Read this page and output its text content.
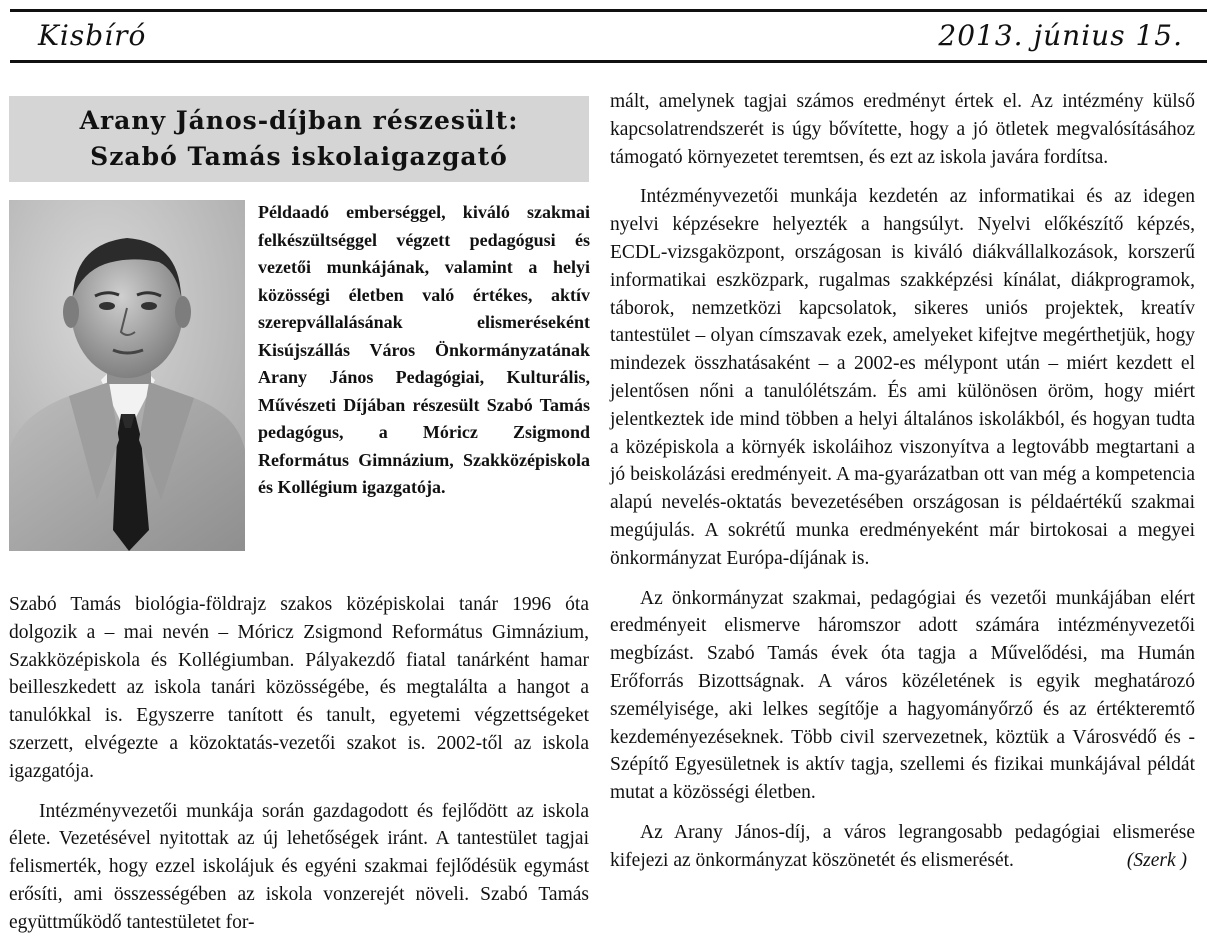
Kisbíró	2013. június 15.
Arany János-díjban részesült:
Szabó Tamás iskolaigazgató
Példaadó emberséggel, kiváló szakmai felkészültséggel végzett pedagógusi és vezetői munkájának, valamint a helyi közösségi életben való értékes, aktív szerepvállalásának elismeréseként Kisújszállás Város Önkormányzatának Arany János Pedagógiai, Kulturális, Művészeti Díjában részesült Szabó Tamás pedagógus, a Móricz Zsigmond Református Gimnázium, Szakközépiskola és Kollégium igazgatója.

Szabó Tamás biológia-földrajz szakos középiskolai tanár 1996 óta dolgozik a – mai nevén – Móricz Zsigmond Református Gimnázium, Szakközépiskola és Kollégiumban. Pályakezdő fiatal tanárként hamar beilleszkedett az iskola tanári közösségébe, és megtalálta a hangot a tanulókkal is. Egyszerre tanított és tanult, egyetemi végzettségeket szerzett, elvégezte a közoktatás-vezetői szakot is. 2002-től az iskola igazgatója.

Intézményvezetői munkája során gazdagodott és fejlődött az iskola élete. Vezetésével nyitottak az új lehetőségek iránt. A tantestület tagjai felismerték, hogy ezzel iskolájuk és egyéni szakmai fejlődésük egymást erősíti, ami összességében az iskola vonzerejét növeli. Szabó Tamás együttműködő tantestületet for-

mált, amelynek tagjai számos eredményt értek el. Az intézmény külső kapcsolatrendszerét is úgy bővítette, hogy a jó ötletek megvalósításához támogató környezetet teremtsen, és ezt az iskola javára fordítsa.

Intézményvezetői munkája kezdetén az informatikai és az idegen nyelvi képzésekre helyezték a hangsúlyt. Nyelvi előkészítő képzés, ECDL-vizsgaközpont, országosan is kiváló diákvállalkozások, korszerű informatikai eszközpark, rugalmas szakképzési kínálat, diákprogramok, táborok, nemzetközi kapcsolatok, sikeres uniós projektek, kreatív tantestület – olyan címszavak ezek, amelyeket kifejtve megérthetjük, hogy mindezek összhatásaként – a 2002-es mélypont után – miért kezdett el jelentősen nőni a tanulólétszám. És ami különösen öröm, hogy miért jelentkeztek ide mind többen a helyi általános iskolákból, és hogyan tudta a középiskola a környék iskoláihoz viszonyítva a legtovább megtartani a jó beiskolázási eredményeit. A ma-gyarázatban ott van még a kompetencia alapú nevelés-oktatás bevezetésében országosan is példaértékű szakmai megújulás. A sokrétű munka eredményeként már birtokosai a megyei önkormányzat Európa-díjának is.

Az önkormányzat szakmai, pedagógiai és vezetői munkájában elért eredményeit elismerve háromszor adott számára intézményvezetői megbízást. Szabó Tamás évek óta tagja a Művelődési, ma Humán Erőforrás Bizottságnak. A város közéletének is egyik meghatározó személyisége, aki lelkes segítője a hagyományőrző és az értékteremtő kezdeményezéseknek. Több civil szervezetnek, köztük a Városvédő és -Szépítő Egyesületnek is aktív tagja, szellemi és fizikai munkájával példát mutat a közösségi életben.

Az Arany János-díj, a város legrangosabb pedagógiai elismerése kifejezi az önkormányzat köszönetét és elismerését.	(Szerk )
